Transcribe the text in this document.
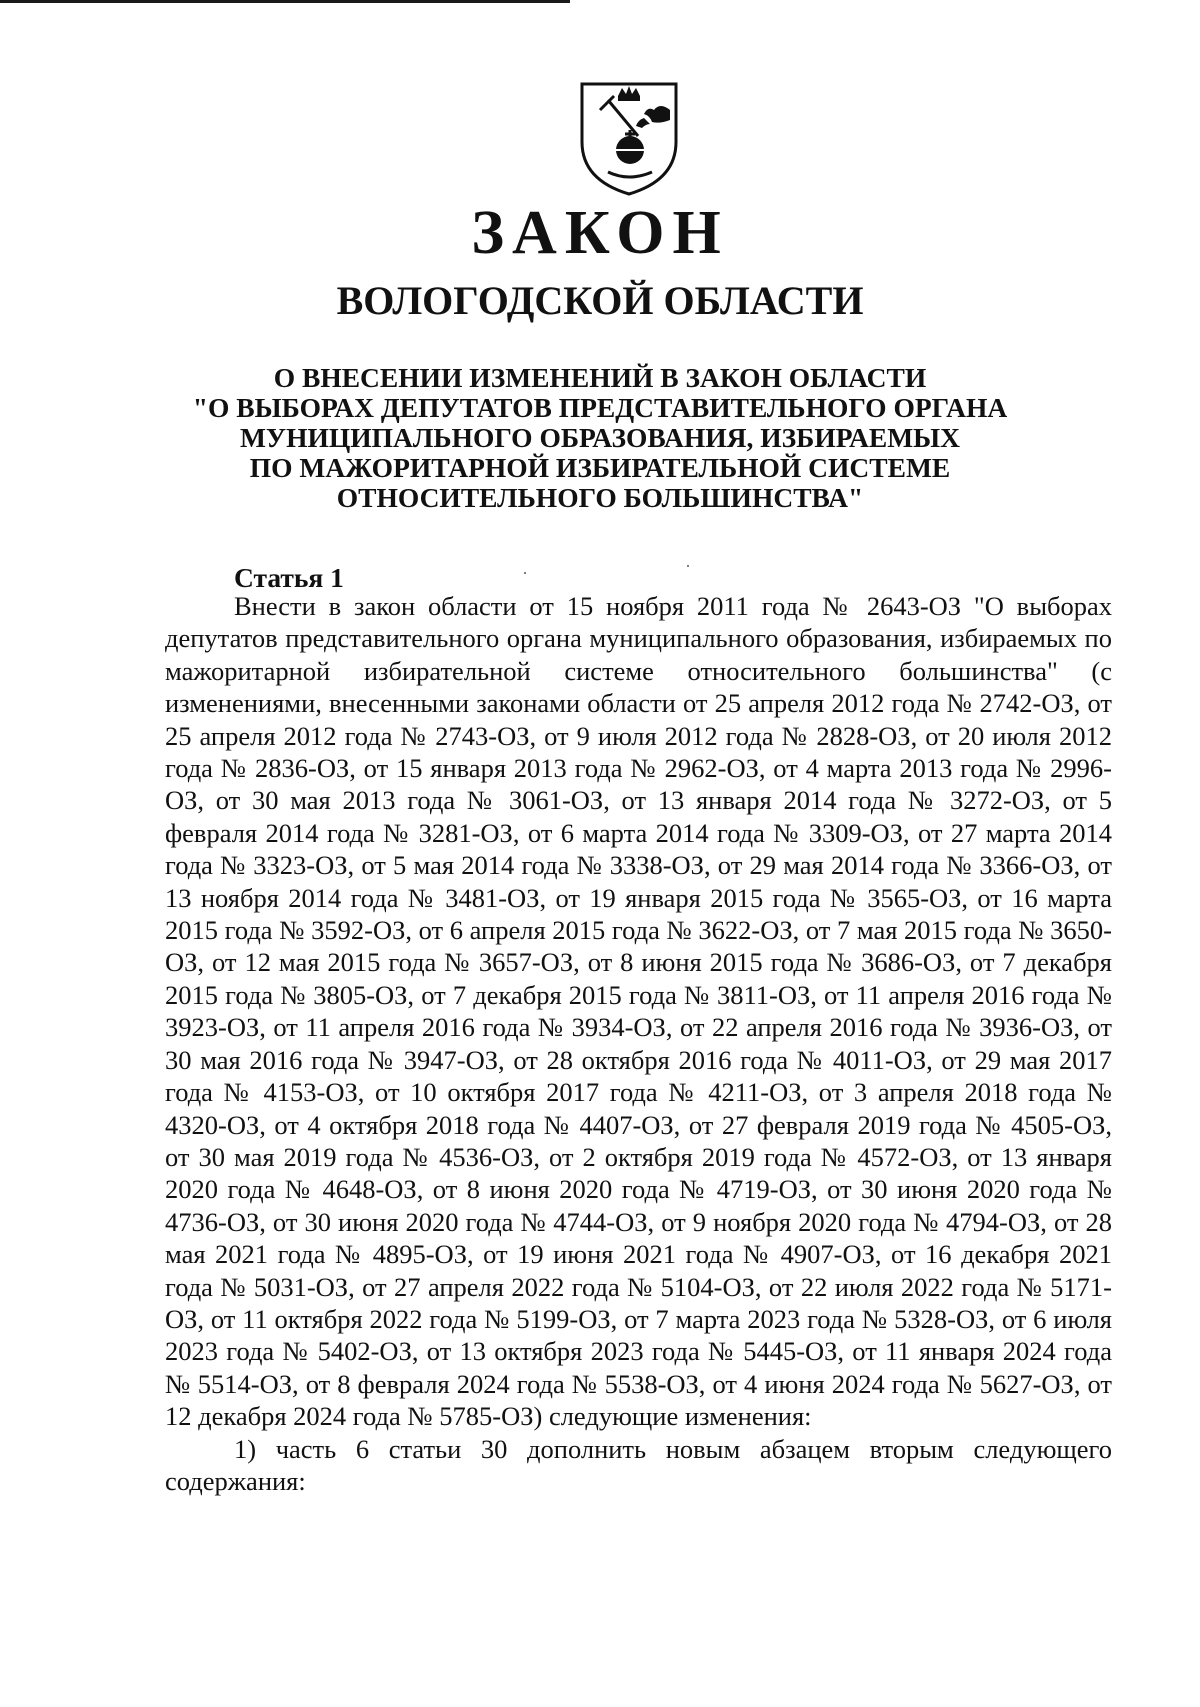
ЗАКОН
ВОЛОГОДСКОЙ ОБЛАСТИ
О ВНЕСЕНИИ ИЗМЕНЕНИЙ В ЗАКОН ОБЛАСТИ
"О ВЫБОРАХ ДЕПУТАТОВ ПРЕДСТАВИТЕЛЬНОГО ОРГАНА
МУНИЦИПАЛЬНОГО ОБРАЗОВАНИЯ, ИЗБИРАЕМЫХ
ПО МАЖОРИТАРНОЙ ИЗБИРАТЕЛЬНОЙ СИСТЕМЕ
ОТНОСИТЕЛЬНОГО БОЛЬШИНСТВА"
Статья 1

Внести в закон области от 15 ноября 2011 года № 2643-ОЗ "О выборах депутатов представительного органа муниципального образования, избираемых по мажоритарной избирательной системе относительного большинства" (с изменениями, внесенными законами области от 25 апреля 2012 года № 2742-ОЗ, от 25 апреля 2012 года № 2743-ОЗ, от 9 июля 2012 года № 2828-ОЗ, от 20 июля 2012 года № 2836-ОЗ, от 15 января 2013 года № 2962-ОЗ, от 4 марта 2013 года № 2996-ОЗ, от 30 мая 2013 года № 3061-ОЗ, от 13 января 2014 года № 3272-ОЗ, от 5 февраля 2014 года № 3281-ОЗ, от 6 марта 2014 года № 3309-ОЗ, от 27 марта 2014 года № 3323-ОЗ, от 5 мая 2014 года № 3338-ОЗ, от 29 мая 2014 года № 3366-ОЗ, от 13 ноября 2014 года № 3481-ОЗ, от 19 января 2015 года № 3565-ОЗ, от 16 марта 2015 года № 3592-ОЗ, от 6 апреля 2015 года № 3622-ОЗ, от 7 мая 2015 года № 3650-ОЗ, от 12 мая 2015 года № 3657-ОЗ, от 8 июня 2015 года № 3686-ОЗ, от 7 декабря 2015 года № 3805-ОЗ, от 7 декабря 2015 года № 3811-ОЗ, от 11 апреля 2016 года № 3923-ОЗ, от 11 апреля 2016 года № 3934-ОЗ, от 22 апреля 2016 года № 3936-ОЗ, от 30 мая 2016 года № 3947-ОЗ, от 28 октября 2016 года № 4011-ОЗ, от 29 мая 2017 года № 4153-ОЗ, от 10 октября 2017 года № 4211-ОЗ, от 3 апреля 2018 года № 4320-ОЗ, от 4 октября 2018 года № 4407-ОЗ, от 27 февраля 2019 года № 4505-ОЗ, от 30 мая 2019 года № 4536-ОЗ, от 2 октября 2019 года № 4572-ОЗ, от 13 января 2020 года № 4648-ОЗ, от 8 июня 2020 года № 4719-ОЗ, от 30 июня 2020 года № 4736-ОЗ, от 30 июня 2020 года № 4744-ОЗ, от 9 ноября 2020 года № 4794-ОЗ, от 28 мая 2021 года № 4895-ОЗ, от 19 июня 2021 года № 4907-ОЗ, от 16 декабря 2021 года № 5031-ОЗ, от 27 апреля 2022 года № 5104-ОЗ, от 22 июля 2022 года № 5171-ОЗ, от 11 октября 2022 года № 5199-ОЗ, от 7 марта 2023 года № 5328-ОЗ, от 6 июля 2023 года № 5402-ОЗ, от 13 октября 2023 года № 5445-ОЗ, от 11 января 2024 года № 5514-ОЗ, от 8 февраля 2024 года № 5538-ОЗ, от 4 июня 2024 года № 5627-ОЗ, от 12 декабря 2024 года № 5785-ОЗ) следующие изменения:

1) часть 6 статьи 30 дополнить новым абзацем вторым следующего содержания:
